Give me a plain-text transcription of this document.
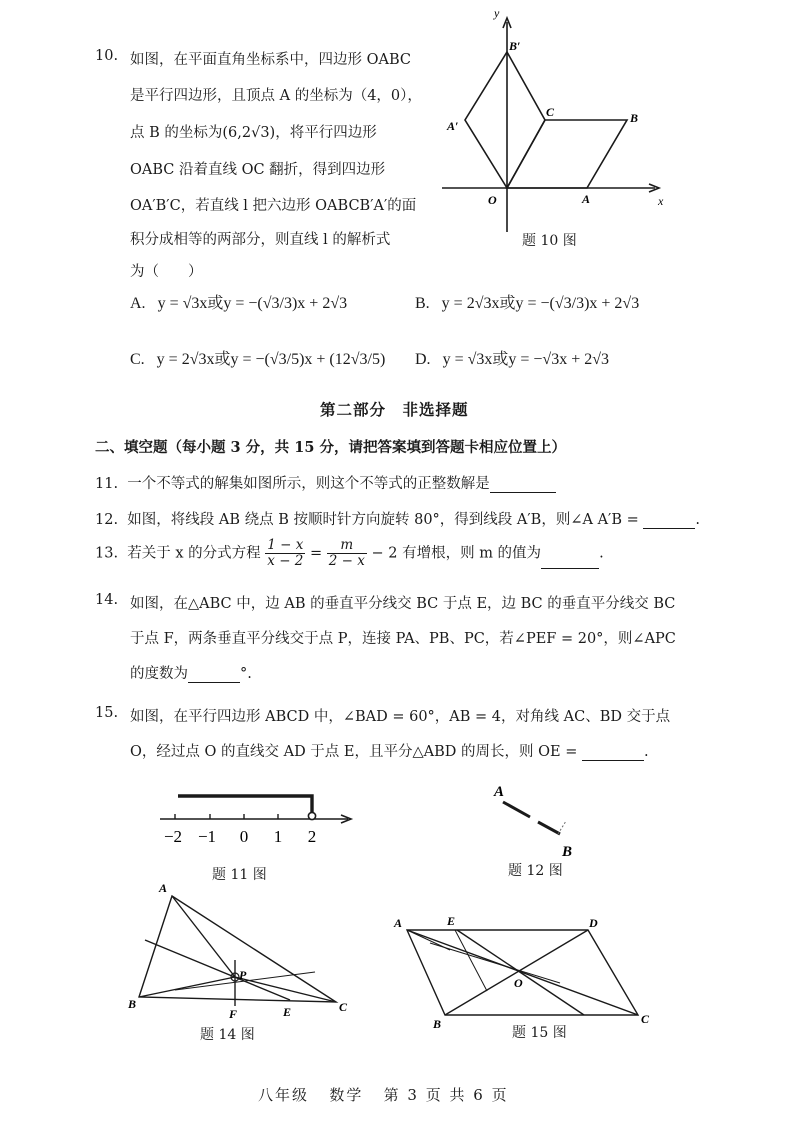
10. 如图，在平面直角坐标系中，四边形 OABC
是平行四边形，且顶点 A 的坐标为（4，0），
点 B 的坐标为(6,2√3)，将平行四边形
OABC 沿着直线 OC 翻折，得到四边形
OA′B′C，若直线 l 把六边形 OABCB′A′的面
积分成相等的两部分，则直线 l 的解析式
为（　　）
y
x
O	A
B
C
A′
B′
题 10 图
A. y = √3x或y = −(√3/3)x + 2√3	B. y = 2√3x或y = −(√3/3)x + 2√3
C. y = 2√3x或y = −(√3/5)x + (12√3/5) D. y = √3x或y = −√3x + 2√3
第二部分　非选择题
二、填空题（每小题 3 分，共 15 分，请把答案填到答题卡相应位置上）
11. 一个不等式的解集如图所示，则这个不等式的正整数解是
12. 如图，将线段 AB 绕点 B 按顺时针方向旋转 80°，得到线段 A′B，则∠A A′B =	.
13. 若关于 x 的分式方程 $\frac{1 - x}{x - 2} = \frac{m}{2 - x} - 2$ 有增根，则 m 的值为	.
14. 如图，在△ABC 中，边 AB 的垂直平分线交 BC 于点 E，边 BC 的垂直平分线交 BC
于点 F，两条垂直平分线交于点 P，连接 PA、PB、PC，若∠PEF = 20°，则∠APC
的度数为	°.
15. 如图，在平行四边形 ABCD 中，∠BAD = 60°，AB = 4，对角线 AC、BD 交于点
O，经过点 O 的直线交 AD 于点 E，且平分△ABD 的周长，则 OE =	.
−2 −1 0 1 2
题 11 图
A
B
题 12 图
A
B	C
P
F	E
题 14 图
A	E	D
B	C
O
题 15 图
八年级 数学 第 3 页 共 6 页
